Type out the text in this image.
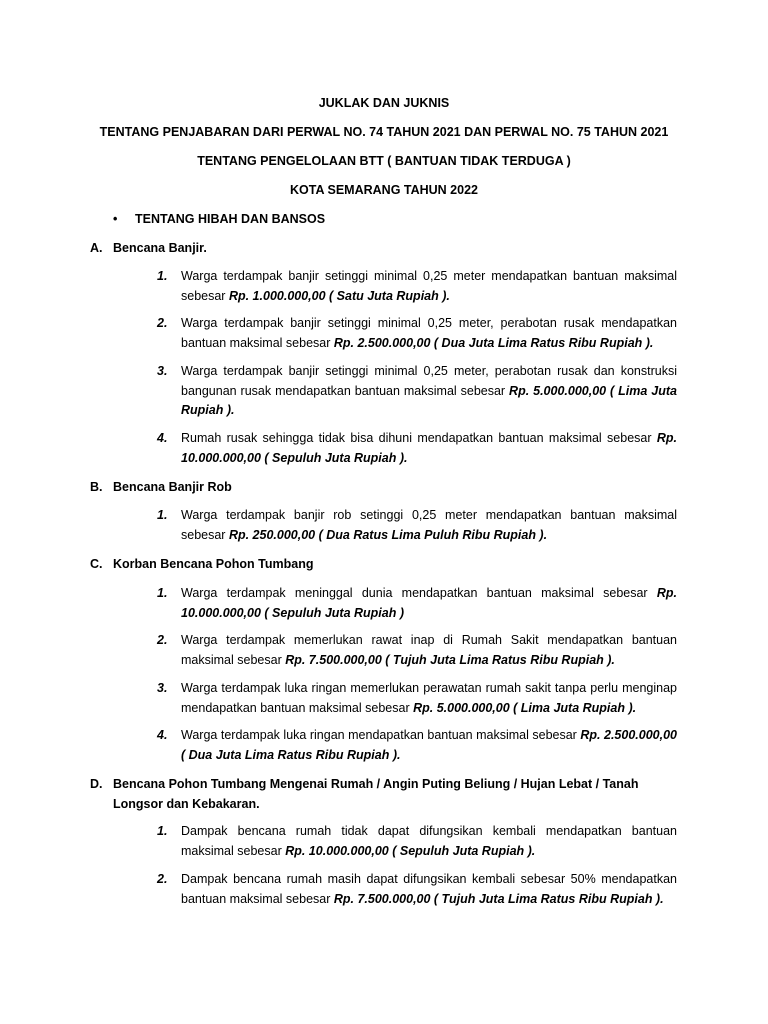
JUKLAK DAN JUKNIS
TENTANG PENJABARAN DARI PERWAL NO. 74 TAHUN 2021 DAN PERWAL NO. 75 TAHUN 2021
TENTANG PENGELOLAAN BTT ( BANTUAN TIDAK TERDUGA )
KOTA SEMARANG TAHUN 2022
• TENTANG HIBAH DAN BANSOS
A. Bencana Banjir.
1. Warga terdampak banjir setinggi minimal 0,25 meter mendapatkan bantuan maksimal sebesar Rp. 1.000.000,00 ( Satu Juta Rupiah ).
2. Warga terdampak banjir setinggi minimal 0,25 meter, perabotan rusak mendapatkan bantuan maksimal sebesar Rp. 2.500.000,00 ( Dua Juta Lima Ratus Ribu Rupiah ).
3. Warga terdampak banjir setinggi minimal 0,25 meter, perabotan rusak dan konstruksi bangunan rusak mendapatkan bantuan maksimal sebesar Rp. 5.000.000,00 ( Lima Juta Rupiah ).
4. Rumah rusak sehingga tidak bisa dihuni mendapatkan bantuan maksimal sebesar Rp. 10.000.000,00 ( Sepuluh Juta Rupiah ).
B. Bencana Banjir Rob
1. Warga terdampak banjir rob setinggi 0,25 meter mendapatkan bantuan maksimal sebesar Rp. 250.000,00 ( Dua Ratus Lima Puluh Ribu Rupiah ).
C. Korban Bencana Pohon Tumbang
1. Warga terdampak meninggal dunia mendapatkan bantuan maksimal sebesar Rp. 10.000.000,00 ( Sepuluh Juta Rupiah )
2. Warga terdampak memerlukan rawat inap di Rumah Sakit mendapatkan bantuan maksimal sebesar Rp. 7.500.000,00 ( Tujuh Juta Lima Ratus Ribu Rupiah ).
3. Warga terdampak luka ringan memerlukan perawatan rumah sakit tanpa perlu menginap mendapatkan bantuan maksimal sebesar Rp. 5.000.000,00 ( Lima Juta Rupiah ).
4. Warga terdampak luka ringan mendapatkan bantuan maksimal sebesar Rp. 2.500.000,00 ( Dua Juta Lima Ratus Ribu Rupiah ).
D. Bencana Pohon Tumbang Mengenai Rumah / Angin Puting Beliung / Hujan Lebat / Tanah Longsor dan Kebakaran.
1. Dampak bencana rumah tidak dapat difungsikan kembali mendapatkan bantuan maksimal sebesar Rp. 10.000.000,00 ( Sepuluh Juta Rupiah ).
2. Dampak bencana rumah masih dapat difungsikan kembali sebesar 50% mendapatkan bantuan maksimal sebesar Rp. 7.500.000,00 ( Tujuh Juta Lima Ratus Ribu Rupiah ).
